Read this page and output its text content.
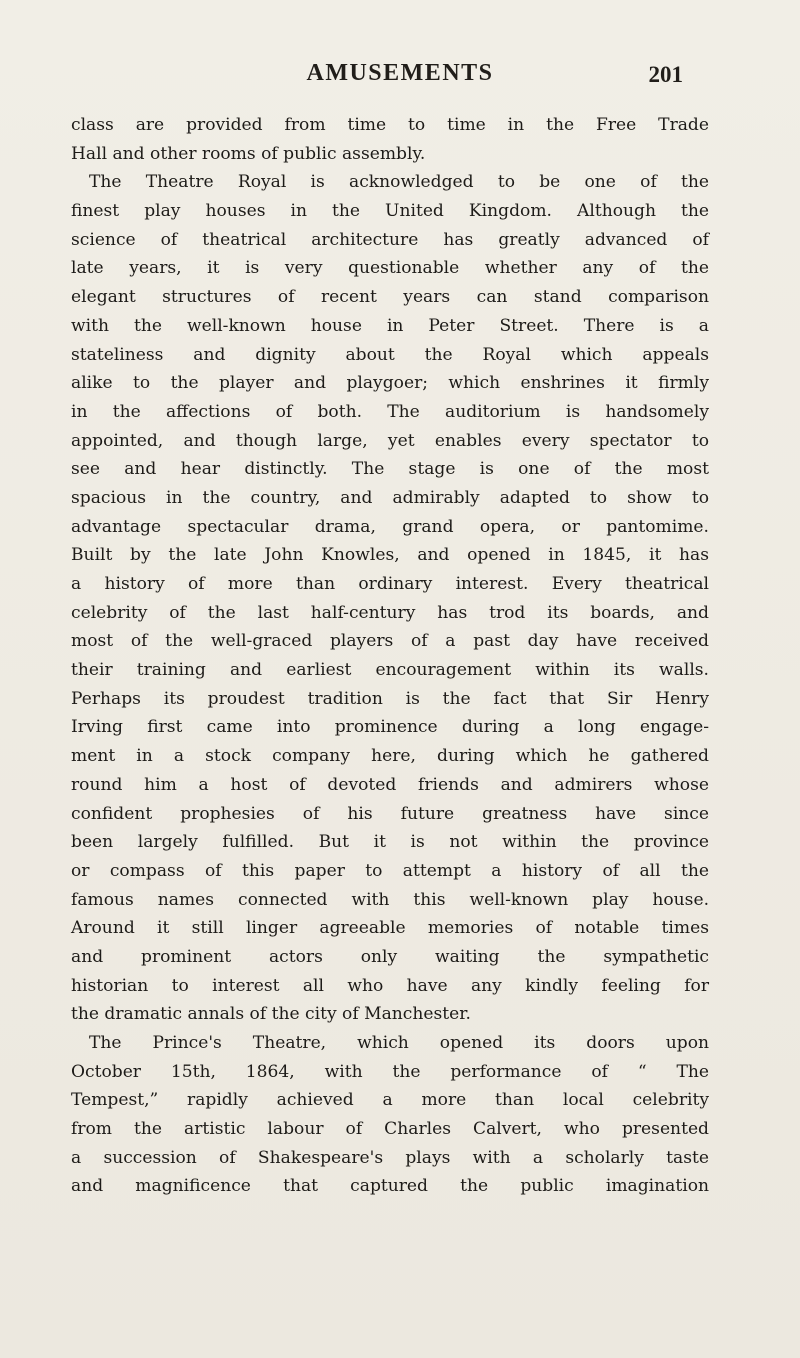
AMUSEMENTS	201
class are provided from time to time in the Free Trade
Hall and other rooms of public assembly.
The Theatre Royal is acknowledged to be one of the
finest play houses in the United Kingdom. Although the
science of theatrical architecture has greatly advanced of
late years, it is very questionable whether any of the
elegant structures of recent years can stand comparison
with the well-known house in Peter Street. There is a
stateliness and dignity about the Royal which appeals
alike to the player and playgoer; which enshrines it firmly
in the affections of both. The auditorium is handsomely
appointed, and though large, yet enables every spectator to
see and hear distinctly. The stage is one of the most
spacious in the country, and admirably adapted to show to
advantage spectacular drama, grand opera, or pantomime.
Built by the late John Knowles, and opened in 1845, it has
a history of more than ordinary interest. Every theatrical
celebrity of the last half-century has trod its boards, and
most of the well-graced players of a past day have received
their training and earliest encouragement within its walls.
Perhaps its proudest tradition is the fact that Sir Henry
Irving first came into prominence during a long engage-
ment in a stock company here, during which he gathered
round him a host of devoted friends and admirers whose
confident prophesies of his future greatness have since
been largely fulfilled. But it is not within the province
or compass of this paper to attempt a history of all the
famous names connected with this well-known play house.
Around it still linger agreeable memories of notable times
and prominent actors only waiting the sympathetic
historian to interest all who have any kindly feeling for
the dramatic annals of the city of Manchester.
The Prince's Theatre, which opened its doors upon
October 15th, 1864, with the performance of “ The
Tempest,” rapidly achieved a more than local celebrity
from the artistic labour of Charles Calvert, who presented
a succession of Shakespeare's plays with a scholarly taste
and magnificence that captured the public imagination
